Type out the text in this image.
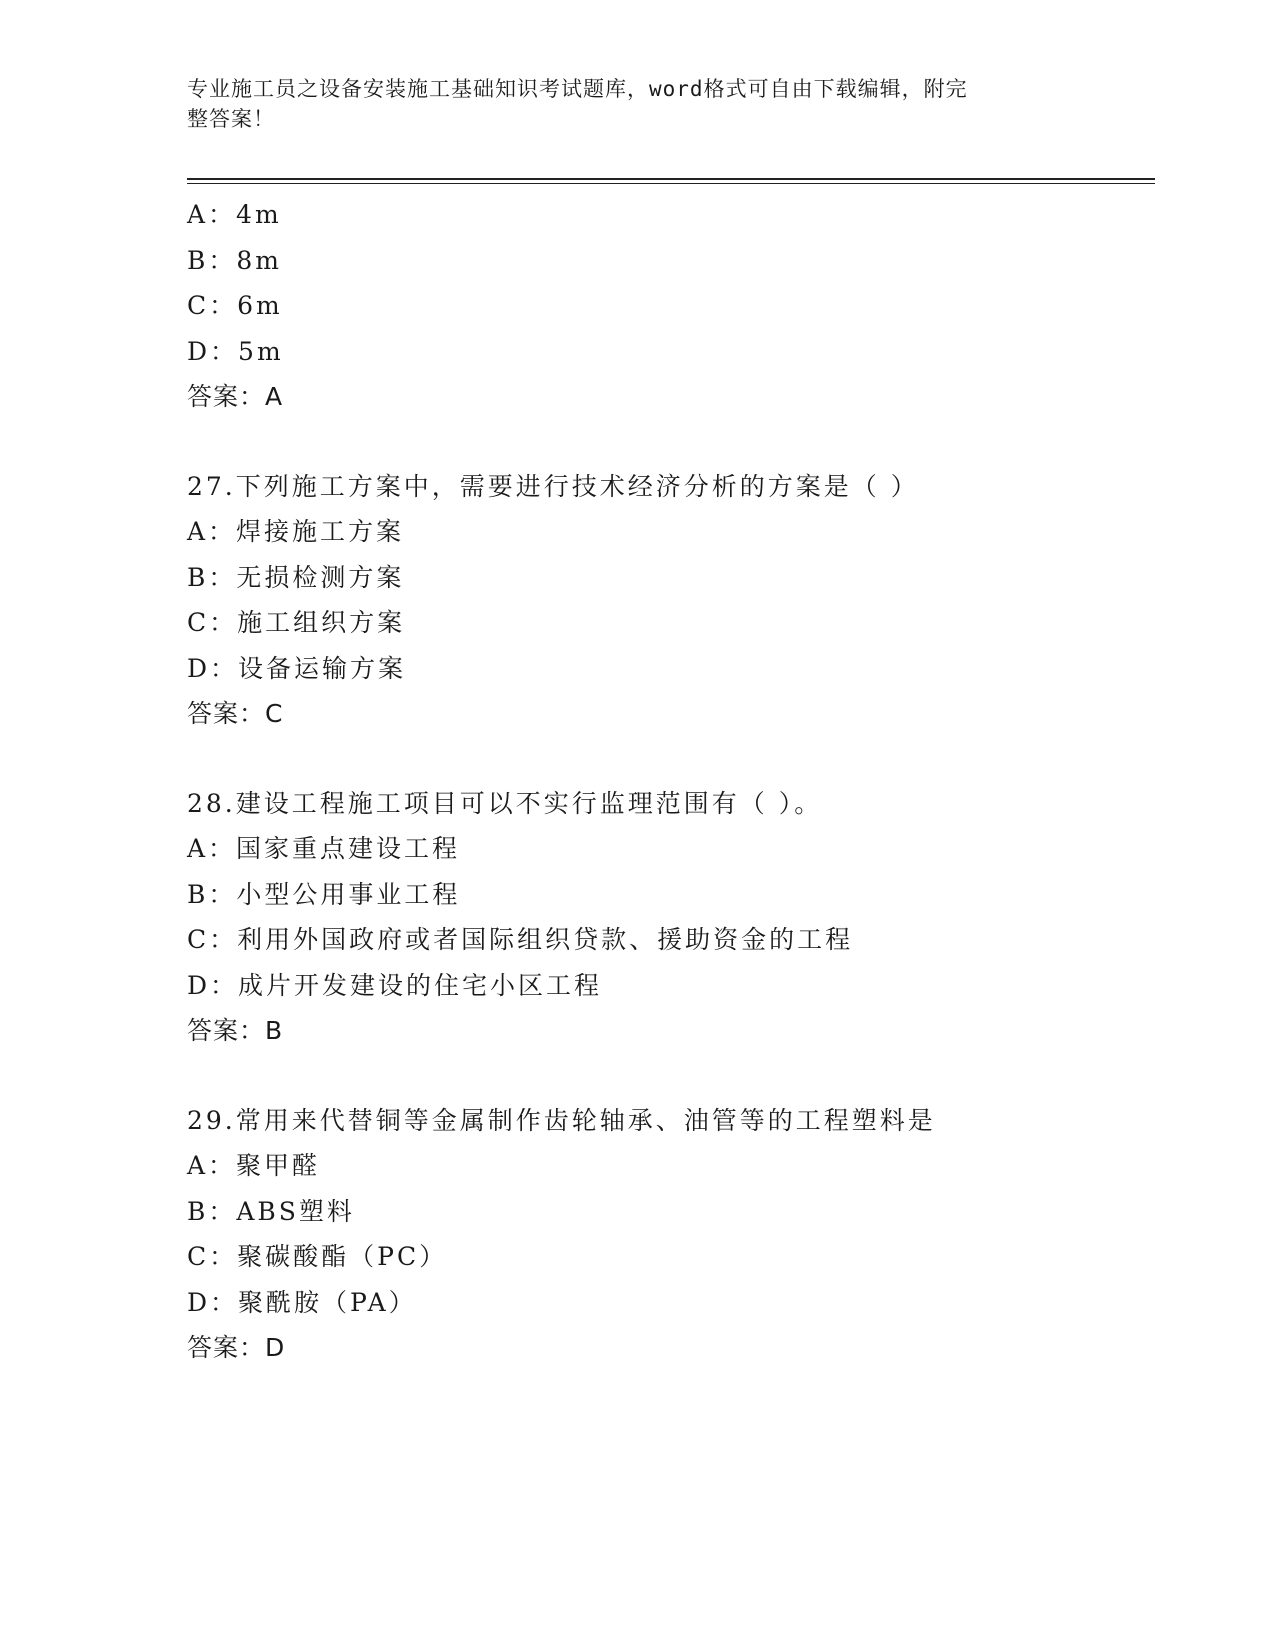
专业施工员之设备安装施工基础知识考试题库，word格式可自由下载编辑，附完
整答案！
A：4m
B：8m
C：6m
D：5m
答案：A
27.下列施工方案中，需要进行技术经济分析的方案是（ ）
A：焊接施工方案
B：无损检测方案
C：施工组织方案
D：设备运输方案
答案：C
28.建设工程施工项目可以不实行监理范围有（ ）。
A：国家重点建设工程
B：小型公用事业工程
C：利用外国政府或者国际组织贷款、援助资金的工程
D：成片开发建设的住宅小区工程
答案：B
29.常用来代替铜等金属制作齿轮轴承、油管等的工程塑料是
A：聚甲醛
B：ABS塑料
C：聚碳酸酯（PC）
D：聚酰胺（PA）
答案：D
